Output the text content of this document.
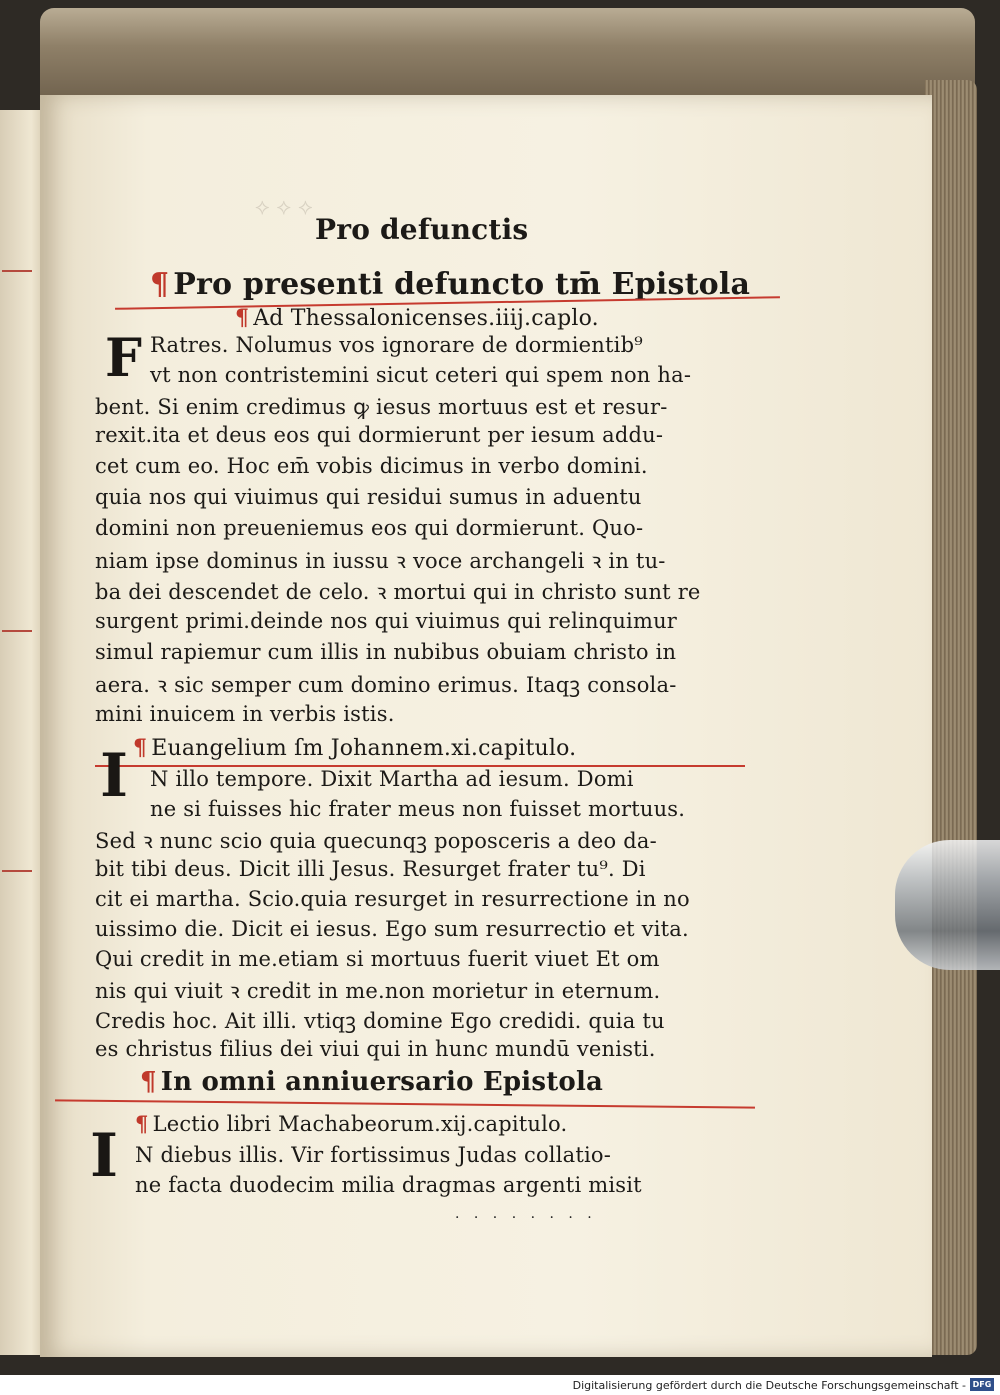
⟡ ⟡ ⟡
Pro defunctis
¶ Pro presenti defuncto tm̄ Epistola
¶ Ad Thessalonicenses.iiij.caplo.
F Ratres. Nolumus vos ignorare de dormientib⁹
vt non contristemini sicut ceteri qui spem non ha-
bent. Si enim credimus ꝙ iesus mortuus est et resur-
rexit.ita et deus eos qui dormierunt per iesum addu-
cet cum eo. Hoc em̄ vobis dicimus in verbo domini.
quia nos qui viuimus qui residui sumus in aduentu
domini non preueniemus eos qui dormierunt. Quo-
niam ipse dominus in iussu ꝛ voce archangeli ꝛ in tu-
ba dei descendet de celo. ꝛ mortui qui in christo sunt re
surgent primi.deinde nos qui viuimus qui relinquimur
simul rapiemur cum illis in nubibus obuiam christo in
aera. ꝛ sic semper cum domino erimus. Itaqꝫ consola-
mini inuicem in verbis istis.
¶ Euangelium ſm Johannem.xi.capitulo.
I N illo tempore. Dixit Martha ad iesum. Domi
ne si fuisses hic frater meus non fuisset mortuus.
Sed ꝛ nunc scio quia quecunqꝫ poposceris a deo da-
bit tibi deus. Dicit illi Jesus. Resurget frater tu⁹. Di
cit ei martha. Scio.quia resurget in resurrectione in no
uissimo die. Dicit ei iesus. Ego sum resurrectio et vita.
Qui credit in me.etiam si mortuus fuerit viuet Et om
nis qui viuit ꝛ credit in me.non morietur in eternum.
Credis hoc. Ait illi. vtiqꝫ domine Ego credidi. quia tu
es christus filius dei viui qui in hunc mundū venisti.
¶ In omni anniuersario Epistola
¶ Lectio libri Machabeorum.xij.capitulo.
I N diebus illis. Vir fortissimus Judas collatio-
ne facta duodecim milia dragmas argenti misit
· · · · · · · ·
Digitalisierung gefördert durch die Deutsche Forschungsgemeinschaft - DFG
